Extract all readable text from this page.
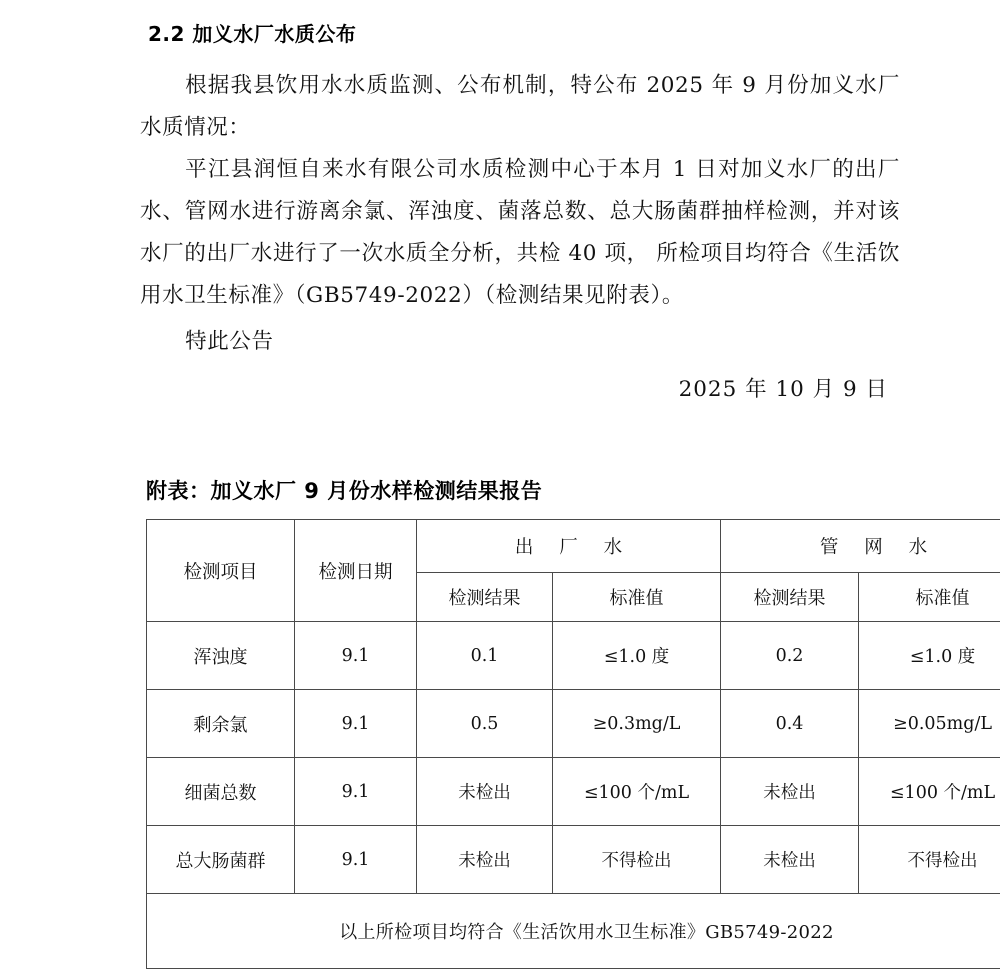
2.2 加义水厂水质公布

根据我县饮用水水质监测、公布机制，特公布 2025 年 9 月份加义水厂水质情况：

平江县润恒自来水有限公司水质检测中心于本月 1 日对加义水厂的出厂水、管网水进行游离余氯、浑浊度、菌落总数、总大肠菌群抽样检测，并对该水厂的出厂水进行了一次水质全分析，共检 40 项， 所检项目均符合《生活饮用水卫生标准》（GB5749-2022）（检测结果见附表）。

特此公告

2025 年 10 月 9 日

附表：加义水厂 9 月份水样检测结果报告
检测项目	检测日期	出 厂 水		管 网 水	
		检测结果	标准值	检测结果	标准值
浑浊度	9.1	0.1	≤1.0 度	0.2	≤1.0 度
剩余氯	9.1	0.5	≥0.3mg/L	0.4	≥0.05mg/L
细菌总数	9.1	未检出	≤100 个/mL	未检出	≤100 个/mL
总大肠菌群	9.1	未检出	不得检出	未检出	不得检出
以上所检项目均符合《生活饮用水卫生标准》GB5749-2022					
